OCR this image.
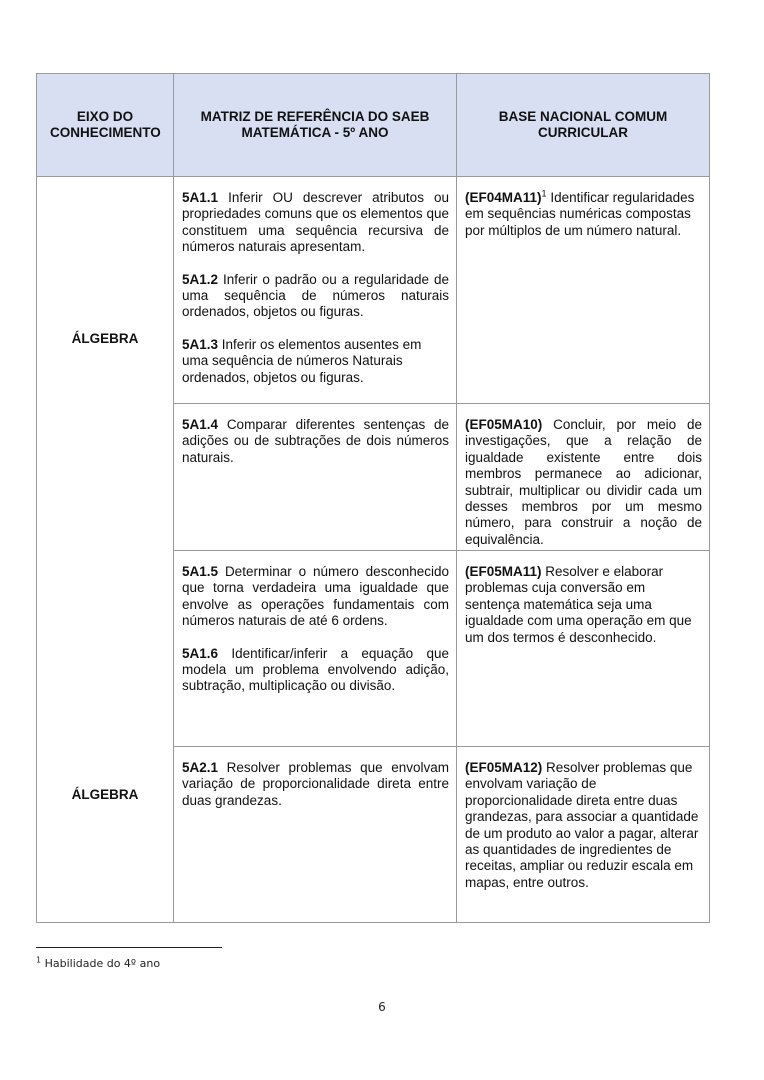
EIXO DO CONHECIMENTO
MATRIZ DE REFERÊNCIA DO SAEB MATEMÁTICA - 5º ANO
BASE NACIONAL COMUM CURRICULAR
ÁLGEBRA
ÁLGEBRA

5A1.1 Inferir OU descrever atributos ou propriedades comuns que os elementos que constituem uma sequência recursiva de números naturais apresentam.

5A1.2 Inferir o padrão ou a regularidade de uma sequência de números naturais ordenados, objetos ou figuras.

5A1.3 Inferir os elementos ausentes em uma sequência de números Naturais ordenados, objetos ou figuras.

$(EF04MA11)^1$ Identificar regularidades em sequências numéricas compostas por múltiplos de um número natural.

5A1.4 Comparar diferentes sentenças de adições ou de subtrações de dois números naturais.

(EF05MA10) Concluir, por meio de investigações, que a relação de igualdade existente entre dois membros permanece ao adicionar, subtrair, multiplicar ou dividir cada um desses membros por um mesmo número, para construir a noção de equivalência.

5A1.5 Determinar o número desconhecido que torna verdadeira uma igualdade que envolve as operações fundamentais com números naturais de até 6 ordens.

5A1.6 Identificar/inferir a equação que modela um problema envolvendo adição, subtração, multiplicação ou divisão.

(EF05MA11) Resolver e elaborar problemas cuja conversão em sentença matemática seja uma igualdade com uma operação em que um dos termos é desconhecido.

5A2.1 Resolver problemas que envolvam variação de proporcionalidade direta entre duas grandezas.

(EF05MA12) Resolver problemas que envolvam variação de proporcionalidade direta entre duas grandezas, para associar a quantidade de um produto ao valor a pagar, alterar as quantidades de ingredientes de receitas, ampliar ou reduzir escala em mapas, entre outros.

$^1$ Habilidade do 4º ano
6
